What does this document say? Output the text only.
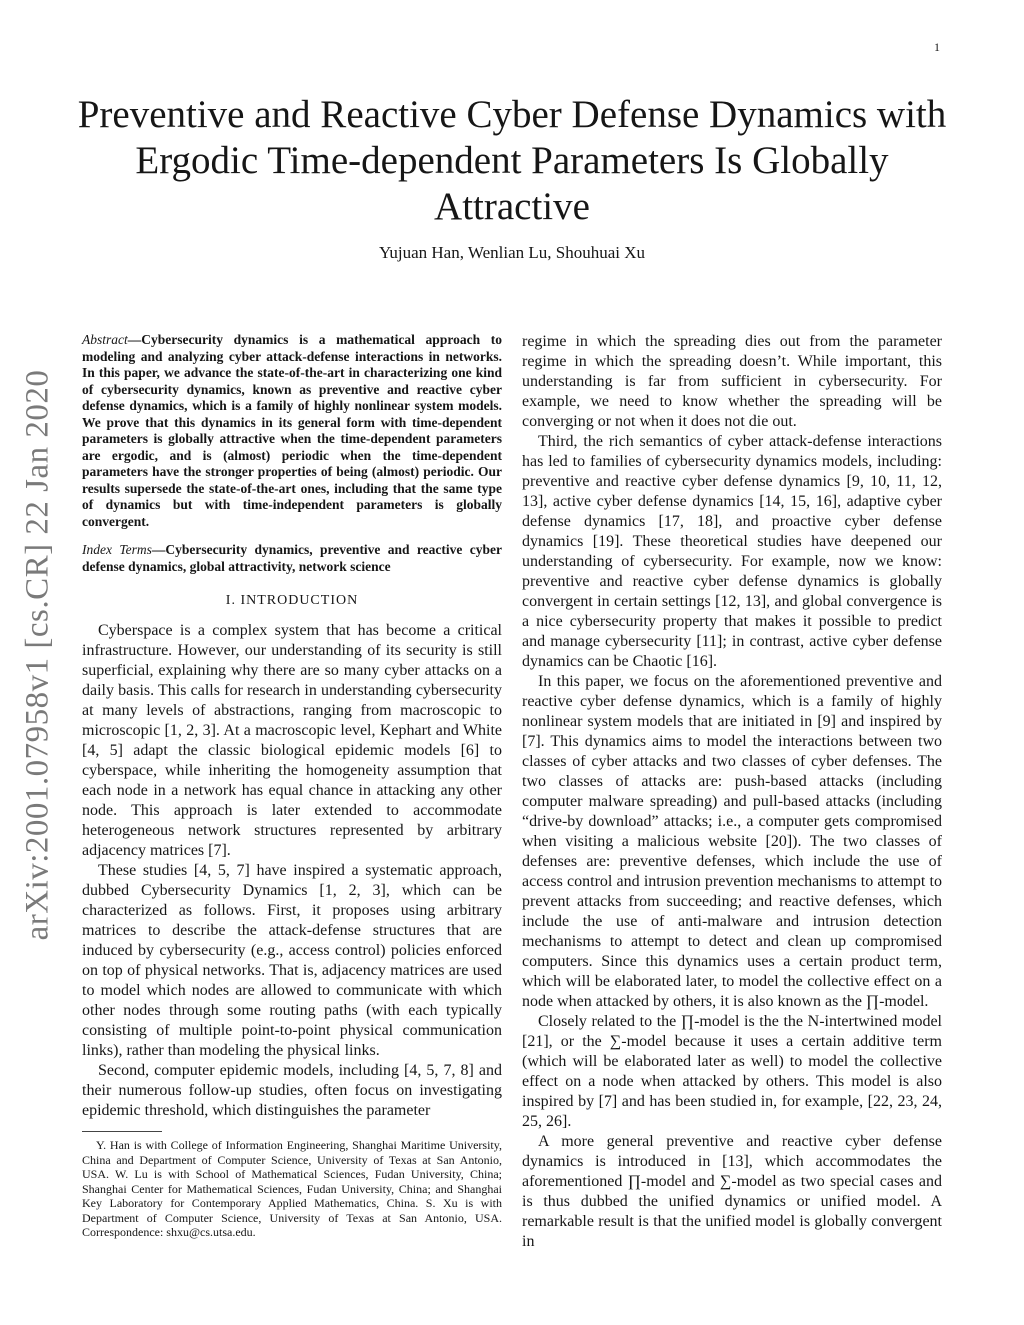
1
arXiv:2001.07958v1 [cs.CR] 22 Jan 2020
Preventive and Reactive Cyber Defense Dynamics with Ergodic Time-dependent Parameters Is Globally Attractive
Yujuan Han, Wenlian Lu, Shouhuai Xu

Abstract—Cybersecurity dynamics is a mathematical approach to modeling and analyzing cyber attack-defense interactions in networks. In this paper, we advance the state-of-the-art in characterizing one kind of cybersecurity dynamics, known as preventive and reactive cyber defense dynamics, which is a family of highly nonlinear system models. We prove that this dynamics in its general form with time-dependent parameters is globally attractive when the time-dependent parameters are ergodic, and is (almost) periodic when the time-dependent parameters have the stronger properties of being (almost) periodic. Our results supersede the state-of-the-art ones, including that the same type of dynamics but with time-independent parameters is globally convergent.

Index Terms—Cybersecurity dynamics, preventive and reactive cyber defense dynamics, global attractivity, network science

I. INTRODUCTION

Cyberspace is a complex system that has become a critical infrastructure. However, our understanding of its security is still superficial, explaining why there are so many cyber attacks on a daily basis. This calls for research in understanding cybersecurity at many levels of abstractions, ranging from macroscopic to microscopic [1, 2, 3]. At a macroscopic level, Kephart and White [4, 5] adapt the classic biological epidemic models [6] to cyberspace, while inheriting the homogeneity assumption that each node in a network has equal chance in attacking any other node. This approach is later extended to accommodate heterogeneous network structures represented by arbitrary adjacency matrices [7].

These studies [4, 5, 7] have inspired a systematic approach, dubbed Cybersecurity Dynamics [1, 2, 3], which can be characterized as follows. First, it proposes using arbitrary matrices to describe the attack-defense structures that are induced by cybersecurity (e.g., access control) policies enforced on top of physical networks. That is, adjacency matrices are used to model which nodes are allowed to communicate with which other nodes through some routing paths (with each typically consisting of multiple point-to-point physical communication links), rather than modeling the physical links.

Second, computer epidemic models, including [4, 5, 7, 8] and their numerous follow-up studies, often focus on investigating epidemic threshold, which distinguishes the parameter

Y. Han is with College of Information Engineering, Shanghai Maritime University, China and Department of Computer Science, University of Texas at San Antonio, USA. W. Lu is with School of Mathematical Sciences, Fudan University, China; Shanghai Center for Mathematical Sciences, Fudan University, China; and Shanghai Key Laboratory for Contemporary Applied Mathematics, China. S. Xu is with Department of Computer Science, University of Texas at San Antonio, USA. Correspondence: shxu@cs.utsa.edu.

regime in which the spreading dies out from the parameter regime in which the spreading doesn’t. While important, this understanding is far from sufficient in cybersecurity. For example, we need to know whether the spreading will be converging or not when it does not die out.

Third, the rich semantics of cyber attack-defense interactions has led to families of cybersecurity dynamics models, including: preventive and reactive cyber defense dynamics [9, 10, 11, 12, 13], active cyber defense dynamics [14, 15, 16], adaptive cyber defense dynamics [17, 18], and proactive cyber defense dynamics [19]. These theoretical studies have deepened our understanding of cybersecurity. For example, now we know: preventive and reactive cyber defense dynamics is globally convergent in certain settings [12, 13], and global convergence is a nice cybersecurity property that makes it possible to predict and manage cybersecurity [11]; in contrast, active cyber defense dynamics can be Chaotic [16].

In this paper, we focus on the aforementioned preventive and reactive cyber defense dynamics, which is a family of highly nonlinear system models that are initiated in [9] and inspired by [7]. This dynamics aims to model the interactions between two classes of cyber attacks and two classes of cyber defenses. The two classes of attacks are: push-based attacks (including computer malware spreading) and pull-based attacks (including “drive-by download” attacks; i.e., a computer gets compromised when visiting a malicious website [20]). The two classes of defenses are: preventive defenses, which include the use of access control and intrusion prevention mechanisms to attempt to prevent attacks from succeeding; and reactive defenses, which include the use of anti-malware and intrusion detection mechanisms to attempt to detect and clean up compromised computers. Since this dynamics uses a certain product term, which will be elaborated later, to model the collective effect on a node when attacked by others, it is also known as the ∏-model.

Closely related to the ∏-model is the the N-intertwined model [21], or the ∑-model because it uses a certain additive term (which will be elaborated later as well) to model the collective effect on a node when attacked by others. This model is also inspired by [7] and has been studied in, for example, [22, 23, 24, 25, 26].

A more general preventive and reactive cyber defense dynamics is introduced in [13], which accommodates the aforementioned ∏-model and ∑-model as two special cases and is thus dubbed the unified dynamics or unified model. A remarkable result is that the unified model is globally convergent in
